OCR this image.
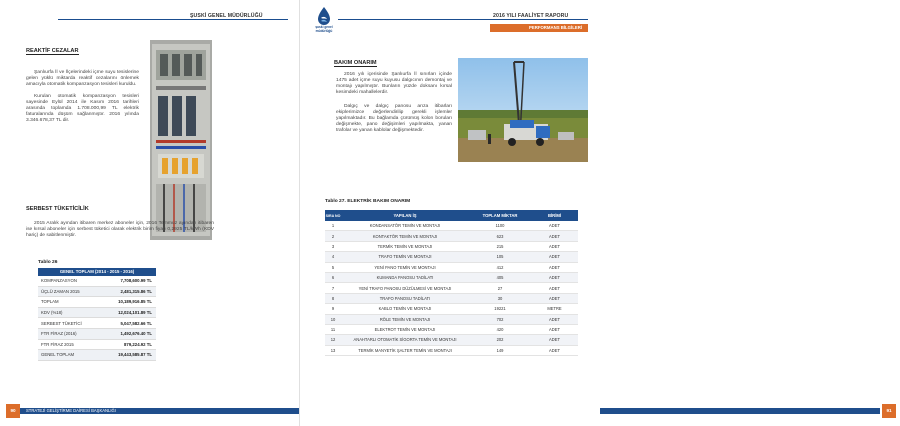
ŞUSKİ GENEL MÜDÜRLÜĞÜ
REAKTİF CEZALAR
Şanlıurfa İl ve İlçelerindeki içme suyu tesislerine gelen yüklü miktarda reaktif cezalarını önlemek amacıyla otomatik kompanzasyon tesisleri kuruldu.
Kurulan otomatik kompanzasyon tesisleri sayesinde Eylül 2014 ile Kasım 2016 tarihleri arasında toplamda 1.708.000,99 TL elektrik faturalarında düşüm sağlanmıştır. 2016 yılında 3.346.678,37 TL dir.
SERBEST TÜKETİCİLİK
2015 Aralık ayından itibaren merkez aboneler için, 2016 Temmuz ayından itibaren ise kırsal aboneler için serbest tüketici olarak elektrik birim fiyatı 0,2925 TL/kWh (KDV hariç) de sabitlenmiştir.
Tablo 26
GENEL TOPLAM (2014 - 2015 - 2016)
KOMPANZASYON	7,708,600.99 TL
ÜÇLÜ ZAMAN 2015	2,481,315.86 TL
TOPLAM	10,189,916.85 TL
KDV (%18)	12,024,101.89 TL
SERBEST TÜKETİCİ	5,047,582.66 TL
FTR FİRAZ (2016)	1,492,676.40 TL
FTR FİRAZ 2015	879,224.92 TL
GENEL TOPLAM	19,443,585.87 TL
90	STRATEJİ GELİŞTİRME DAİRESİ BAŞKANLIĞI
şuski genel müdürlüğü
2016 YILI FAALİYET RAPORU
PERFORMANS BİLGİLERİ
BAKIM ONARIM
2016 yılı içerisinde Şanlıurfa İl sınırları içinde 1475 adet içme suyu kuyusu dalgıcının demontaj ve montajı yapılmıştır. Bunların yüzde doksanı kırsal kesimdeki mahallelerdir.
Dalgıç ve dalgıç panosu arıza itibarları ekiplerimizce değerlendirilip gerekli işlemler yapılmaktadır. Bu bağlamda çürümüş kolon boruları değişmekte, pano değişimleri yapılmakta, yanan trafolar ve yanan kablolar değişmektedir.
Tablo 27. ELEKTRİK BAKIM ONARIM
91
SIRA NO	YAPILAN İŞ	TOPLAM MİKTAR	BİRİMİ
1	KONDANSATÖR TEMİN VE MONTAJI	1100	ADET
2	KONTAKTÖR TEMİN VE MONTAJI	623	ADET
3	TERMİK TEMİN VE MONTAJI	215	ADET
4	TRAFO TEMİN VE MONTAJI	105	ADET
5	YENİ PANO TEMİN VE MONTAJI	412	ADET
6	KUMANDA PANOSU TADİLATI	405	ADET
7	YENİ TRAFO PANOSU DÜZÜLMESİ VE MONTAJI	27	ADET
8	TRAFO PANOSU TADİLATI	30	ADET
9	KABLO TEMİN VE MONTAJI	19221	METRE
10	RÖLE TEMİN VE MONTAJI	702	ADET
11	ELEKTROT TEMİN VE MONTAJI	420	ADET
12	ANAHTARLI OTOMATİK SİGORTA TEMİN VE MONTAJI	202	ADET
13	TERMİK MANYETİK ŞALTER TEMİN VE MONTAJI	149	ADET
